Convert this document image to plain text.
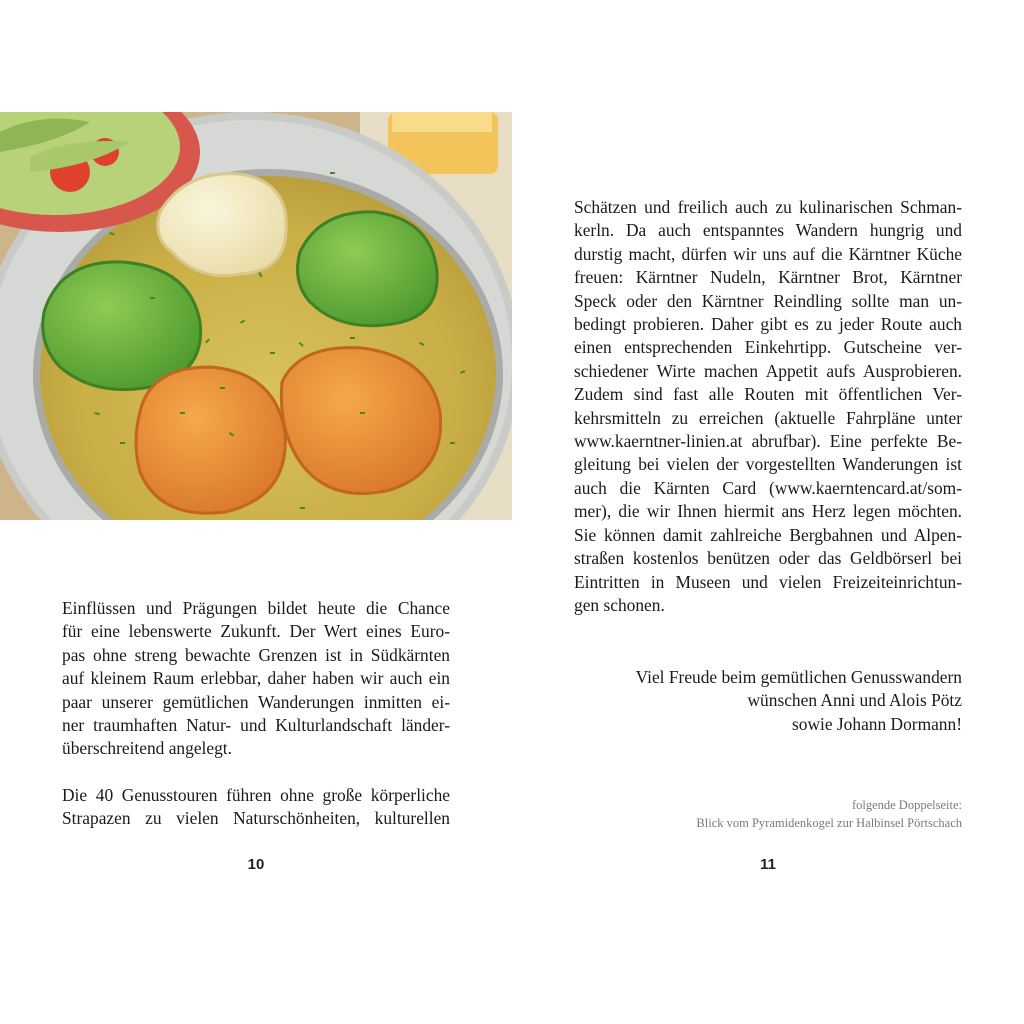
Einflüssen und Prägungen bildet heute die Chance
für eine lebenswerte Zukunft. Der Wert eines Euro-
pas ohne streng bewachte Grenzen ist in Südkärnten
auf kleinem Raum erlebbar, daher haben wir auch ein
paar unserer gemütlichen Wanderungen inmitten ei-
ner traumhaften Natur- und Kulturlandschaft länder-
überschreitend angelegt.
Die 40 Genusstouren führen ohne große körperliche
Strapazen zu vielen Naturschönheiten, kulturellen
10
Schätzen und freilich auch zu kulinarischen Schman-
kerln. Da auch entspanntes Wandern hungrig und
durstig macht, dürfen wir uns auf die Kärntner Küche
freuen: Kärntner Nudeln, Kärntner Brot, Kärntner
Speck oder den Kärntner Reindling sollte man un-
bedingt probieren. Daher gibt es zu jeder Route auch
einen entsprechenden Einkehrtipp. Gutscheine ver-
schiedener Wirte machen Appetit aufs Ausprobieren.
Zudem sind fast alle Routen mit öffentlichen Ver-
kehrsmitteln zu erreichen (aktuelle Fahrpläne unter
www.kaerntner-linien.at abrufbar). Eine perfekte Be-
gleitung bei vielen der vorgestellten Wanderungen ist
auch die Kärnten Card (www.kaerntencard.at/som-
mer), die wir Ihnen hiermit ans Herz legen möchten.
Sie können damit zahlreiche Bergbahnen und Alpen-
straßen kostenlos benützen oder das Geldbörserl bei
Eintritten in Museen und vielen Freizeiteinrichtun-
gen schonen.
Viel Freude beim gemütlichen Genusswandern
wünschen Anni und Alois Pötz
sowie Johann Dormann!
folgende Doppelseite:
Blick vom Pyramidenkogel zur Halbinsel Pörtschach
11
